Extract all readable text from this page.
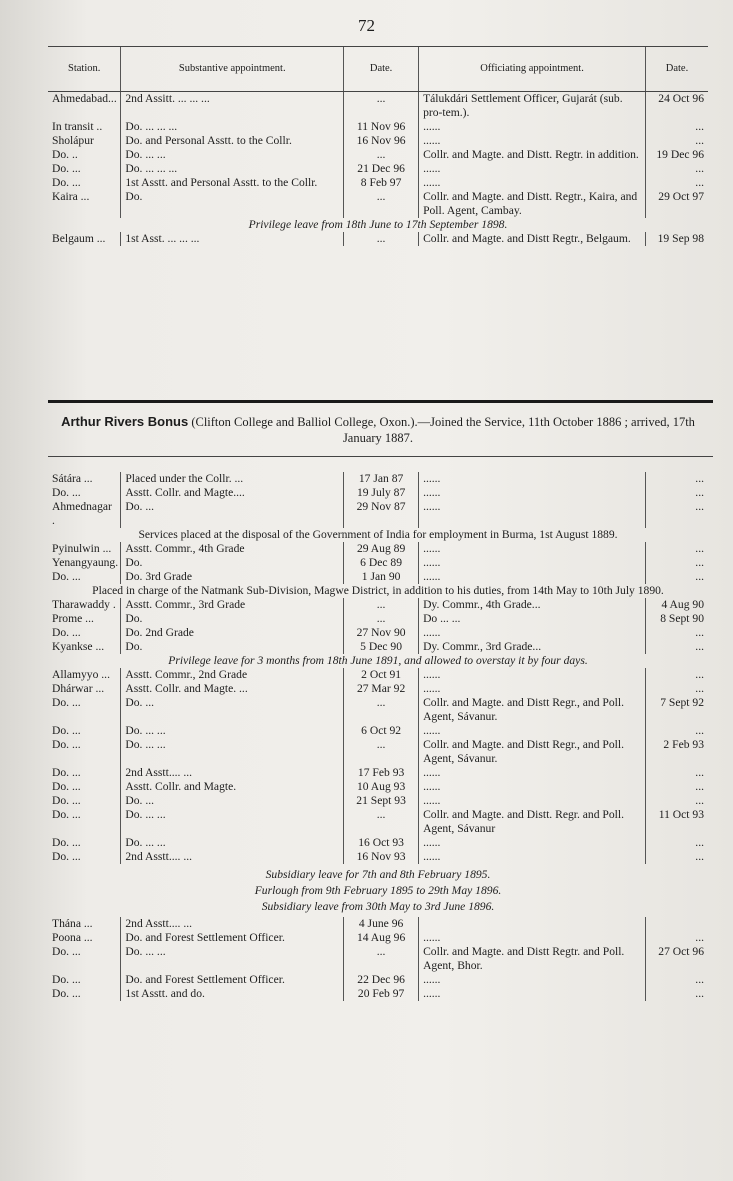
72
Station.	Substantive appointment.	Date.	Officiating appointment.	Date.
Ahmedabad...	2nd Assitt. ... ... ...	...	Tálukdári Settlement Officer, Gujarát (sub. pro-tem.).	24 Oct 96
In transit ..	Do. ... ... ...	11 Nov 96	......	...
Sholápur	Do. and Personal Asstt. to the Collr.	16 Nov 96	......	...
Do. ..	Do. ... ...	...	Collr. and Magte. and Distt. Regtr. in addition.	19 Dec 96
Do. ...	Do. ... ... ...	21 Dec 96	......	...
Do. ...	1st Asstt. and Personal Asstt. to the Collr.	8 Feb 97	......	...
Kaira ...	Do.	...	Collr. and Magte. and Distt. Regtr., Kaira, and Poll. Agent, Cambay.	29 Oct 97
Privilege leave from 18th June to 17th September 1898.				
Belgaum ...	1st Asst. ... ... ...	...	Collr. and Magte. and Distt Regtr., Belgaum.	19 Sep 98
Arthur Rivers Bonus (Clifton College and Balliol College, Oxon.).—Joined the Service, 11th October 1886 ; arrived, 17th January 1887.
Sátára ...	Placed under the Collr. ...	17 Jan 87	......	...
Do. ...	Asstt. Collr. and Magte....	19 July 87	......	...
Ahmednagar .	Do. ...	29 Nov 87	......	...
Services placed at the disposal of the Government of India for employment in Burma, 1st August 1889.				
Pyinulwin ...	Asstt. Commr., 4th Grade	29 Aug 89	......	...
Yenangyaung.	Do.	6 Dec 89	......	...
Do. ...	Do. 3rd Grade	1 Jan 90	......	...
Placed in charge of the Natmank Sub-Division, Magwe District, in addition to his duties, from 14th May to 10th July 1890.				
Tharawaddy .	Asstt. Commr., 3rd Grade	...	Dy. Commr., 4th Grade...	4 Aug 90
Prome ...	Do.	...	Do ... ...	8 Sept 90
Do. ...	Do. 2nd Grade	27 Nov 90	......	...
Kyankse ...	Do.	5 Dec 90	Dy. Commr., 3rd Grade...	...
Privilege leave for 3 months from 18th June 1891, and allowed to overstay it by four days.				
Allamyyo ...	Asstt. Commr., 2nd Grade	2 Oct 91	......	...
Dhárwar ...	Asstt. Collr. and Magte. ...	27 Mar 92	......	...
Do. ...	Do. ...	...	Collr. and Magte. and Distt Regr., and Poll. Agent, Sávanur.	7 Sept 92
Do. ...	Do. ... ...	6 Oct 92	......	...
Do. ...	Do. ... ...	...	Collr. and Magte. and Distt Regr., and Poll. Agent, Sávanur.	2 Feb 93
Do. ...	2nd Asstt.... ...	17 Feb 93	......	...
Do. ...	Asstt. Collr. and Magte.	10 Aug 93	......	...
Do. ...	Do. ...	21 Sept 93	......	...
Do. ...	Do. ... ...	...	Collr. and Magte. and Distt. Regr. and Poll. Agent, Sávanur	11 Oct 93
Do. ...	Do. ... ...	16 Oct 93	......	...
Do. ...	2nd Asstt.... ...	16 Nov 93	......	...
Subsidiary leave for 7th and 8th February 1895.				
Furlough from 9th February 1895 to 29th May 1896.				
Subsidiary leave from 30th May to 3rd June 1896.				
Thána ...	2nd Asstt.... ...	4 June 96		
Poona ...	Do. and Forest Settlement Officer.	14 Aug 96	......	...
Do. ...	Do. ... ...	...	Collr. and Magte. and Distt Regtr. and Poll. Agent, Bhor.	27 Oct 96
Do. ...	Do. and Forest Settlement Officer.	22 Dec 96	......	...
Do. ...	1st Asstt. and do.	20 Feb 97	......	...
